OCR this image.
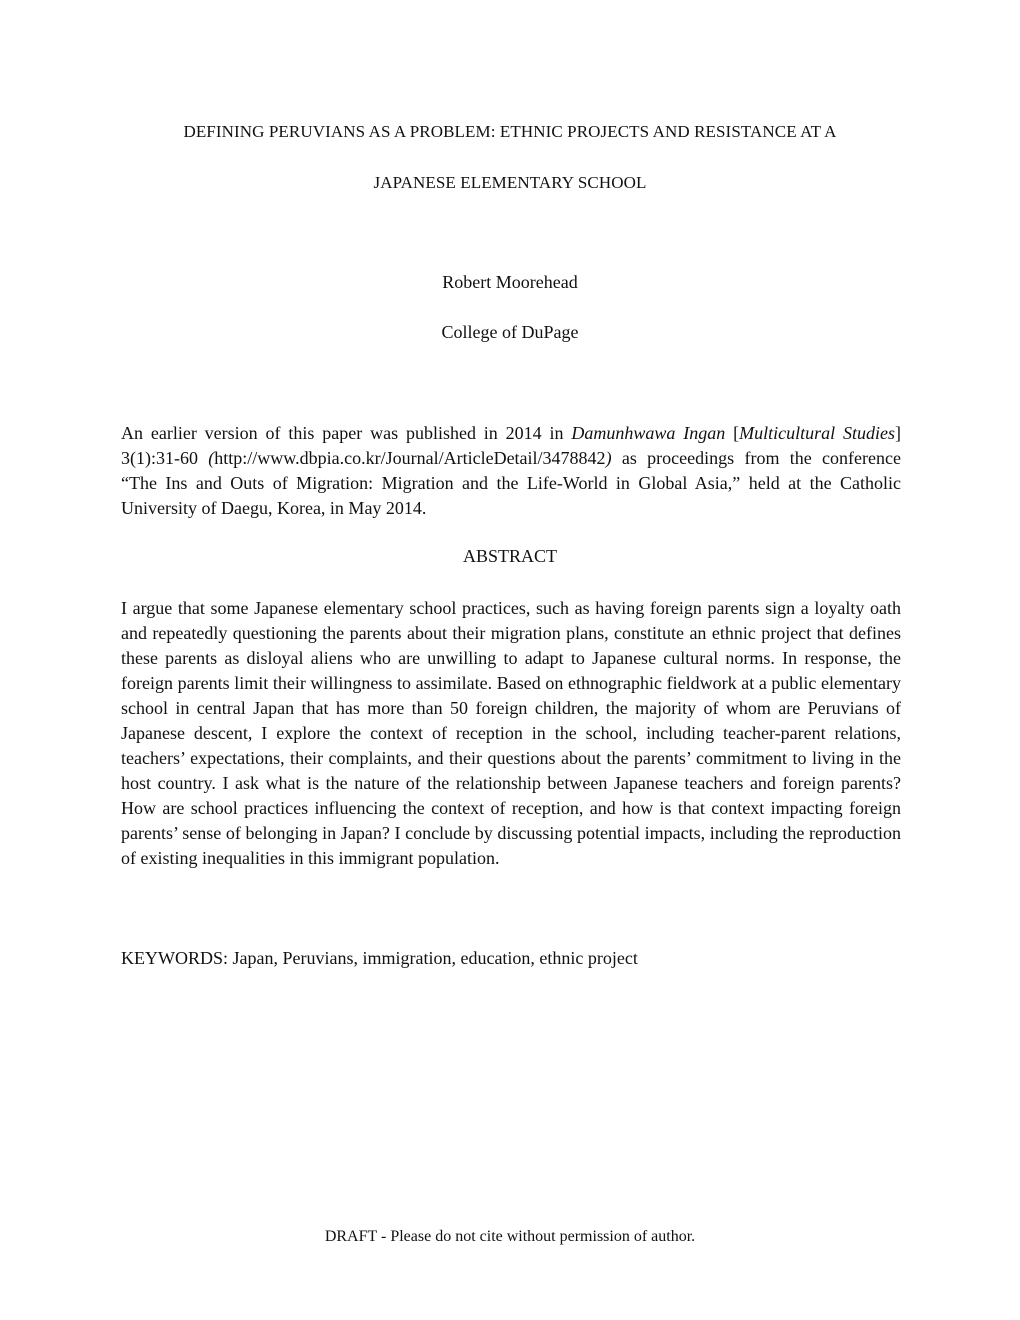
DEFINING PERUVIANS AS A PROBLEM: ETHNIC PROJECTS AND RESISTANCE AT A
JAPANESE ELEMENTARY SCHOOL
Robert Moorehead
College of DuPage

An earlier version of this paper was published in 2014 in Damunhwawa Ingan [Multicultural Studies] 3(1):31-60 (http://www.dbpia.co.kr/Journal/ArticleDetail/3478842) as proceedings from the conference “The Ins and Outs of Migration: Migration and the Life-World in Global Asia,” held at the Catholic University of Daegu, Korea, in May 2014.

ABSTRACT

I argue that some Japanese elementary school practices, such as having foreign parents sign a loyalty oath and repeatedly questioning the parents about their migration plans, constitute an ethnic project that defines these parents as disloyal aliens who are unwilling to adapt to Japanese cultural norms. In response, the foreign parents limit their willingness to assimilate. Based on ethnographic fieldwork at a public elementary school in central Japan that has more than 50 foreign children, the majority of whom are Peruvians of Japanese descent, I explore the context of reception in the school, including teacher-parent relations, teachers’ expectations, their complaints, and their questions about the parents’ commitment to living in the host country. I ask what is the nature of the relationship between Japanese teachers and foreign parents? How are school practices influencing the context of reception, and how is that context impacting foreign parents’ sense of belonging in Japan? I conclude by discussing potential impacts, including the reproduction of existing inequalities in this immigrant population.

KEYWORDS: Japan, Peruvians, immigration, education, ethnic project
DRAFT - Please do not cite without permission of author.
